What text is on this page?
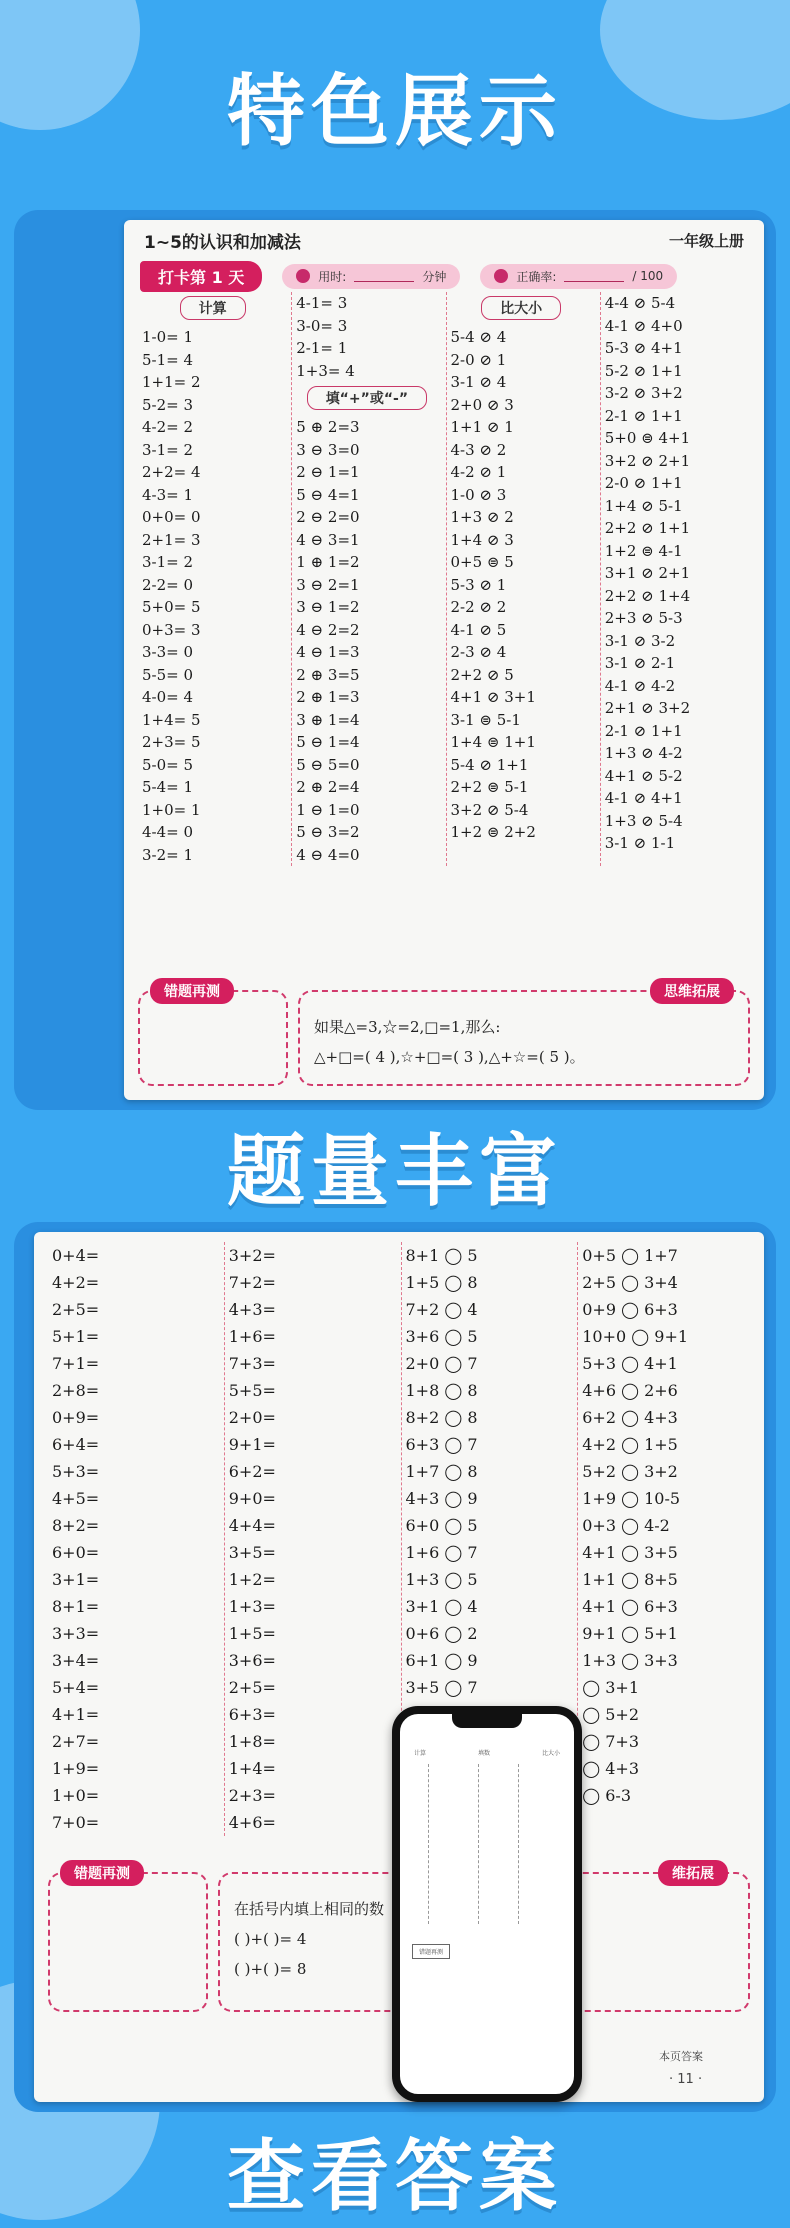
特色展示
1~5的认识和加减法	一年级上册
打卡第 1 天	用时:	分钟	正确率:	/ 100
计算
1-0= 1
5-1= 4
1+1= 2
5-2= 3
4-2= 2
3-1= 2
2+2= 4
4-3= 1
0+0= 0
2+1= 3
3-1= 2
2-2= 0
5+0= 5
0+3= 3
3-3= 0
5-5= 0
4-0= 4
1+4= 5
2+3= 5
5-0= 5
5-4= 1
1+0= 1
4-4= 0
3-2= 1
4-1= 3
3-0= 3
2-1= 1
1+3= 4
填“+”或“-”
5 ⊕ 2=3
3 ⊖ 3=0
2 ⊖ 1=1
5 ⊖ 4=1
2 ⊖ 2=0
4 ⊖ 3=1
1 ⊕ 1=2
3 ⊖ 2=1
3 ⊖ 1=2
4 ⊖ 2=2
4 ⊖ 1=3
2 ⊕ 3=5
2 ⊕ 1=3
3 ⊕ 1=4
5 ⊖ 1=4
5 ⊖ 5=0
2 ⊕ 2=4
1 ⊖ 1=0
5 ⊖ 3=2
4 ⊖ 4=0
比大小
5-4 ⊘ 4
2-0 ⊘ 1
3-1 ⊘ 4
2+0 ⊘ 3
1+1 ⊘ 1
4-3 ⊘ 2
4-2 ⊘ 1
1-0 ⊘ 3
1+3 ⊘ 2
1+4 ⊘ 3
0+5 ⊜ 5
5-3 ⊘ 1
2-2 ⊘ 2
4-1 ⊘ 5
2-3 ⊘ 4
2+2 ⊘ 5
4+1 ⊘ 3+1
3-1 ⊜ 5-1
1+4 ⊜ 1+1
5-4 ⊘ 1+1
2+2 ⊜ 5-1
3+2 ⊘ 5-4
1+2 ⊜ 2+2
4-4 ⊘ 5-4
4-1 ⊘ 4+0
5-3 ⊘ 4+1
5-2 ⊘ 1+1
3-2 ⊘ 3+2
2-1 ⊘ 1+1
5+0 ⊜ 4+1
3+2 ⊘ 2+1
2-0 ⊘ 1+1
1+4 ⊘ 5-1
2+2 ⊘ 1+1
1+2 ⊜ 4-1
3+1 ⊘ 2+1
2+2 ⊘ 1+4
2+3 ⊘ 5-3
3-1 ⊘ 3-2
3-1 ⊘ 2-1
4-1 ⊘ 4-2
2+1 ⊘ 3+2
2-1 ⊘ 1+1
1+3 ⊘ 4-2
4+1 ⊘ 5-2
4-1 ⊘ 4+1
1+3 ⊘ 5-4
3-1 ⊘ 1-1
错题再测	思维拓展
如果△=3,☆=2,□=1,那么:
△+□=( 4 ),☆+□=( 3 ),△+☆=( 5 )。
题量丰富
0+4=
4+2=
2+5=
5+1=
7+1=
2+8=
0+9=
6+4=
5+3=
4+5=
8+2=
6+0=
3+1=
8+1=
3+3=
3+4=
5+4=
4+1=
2+7=
1+9=
1+0=
7+0=
3+2=
7+2=
4+3=
1+6=
7+3=
5+5=
2+0=
9+1=
6+2=
9+0=
4+4=
3+5=
1+2=
1+3=
1+5=
3+6=
2+5=
6+3=
1+8=
1+4=
2+3=
4+6=
8+1 ◯ 5
1+5 ◯ 8
7+2 ◯ 4
3+6 ◯ 5
2+0 ◯ 7
1+8 ◯ 8
8+2 ◯ 8
6+3 ◯ 7
1+7 ◯ 8
4+3 ◯ 9
6+0 ◯ 5
1+6 ◯ 7
1+3 ◯ 5
3+1 ◯ 4
0+6 ◯ 2
6+1 ◯ 9
3+5 ◯ 7
0+5 ◯ 1+7
2+5 ◯ 3+4
0+9 ◯ 6+3
10+0 ◯ 9+1
5+3 ◯ 4+1
4+6 ◯ 2+6
6+2 ◯ 4+3
4+2 ◯ 1+5
5+2 ◯ 3+2
1+9 ◯ 10-5
0+3 ◯ 4-2
4+1 ◯ 3+5
1+1 ◯ 8+5
4+1 ◯ 6+3
9+1 ◯ 5+1
1+3 ◯ 3+3
◯ 3+1
◯ 5+2
◯ 7+3
◯ 4+3
◯ 6-3
错题再测	维拓展
在括号内填上相同的数
( )+( )= 4
( )+( )= 8
本页答案
· 11 ·
计算	填数	比大小
错题再测
查看答案
